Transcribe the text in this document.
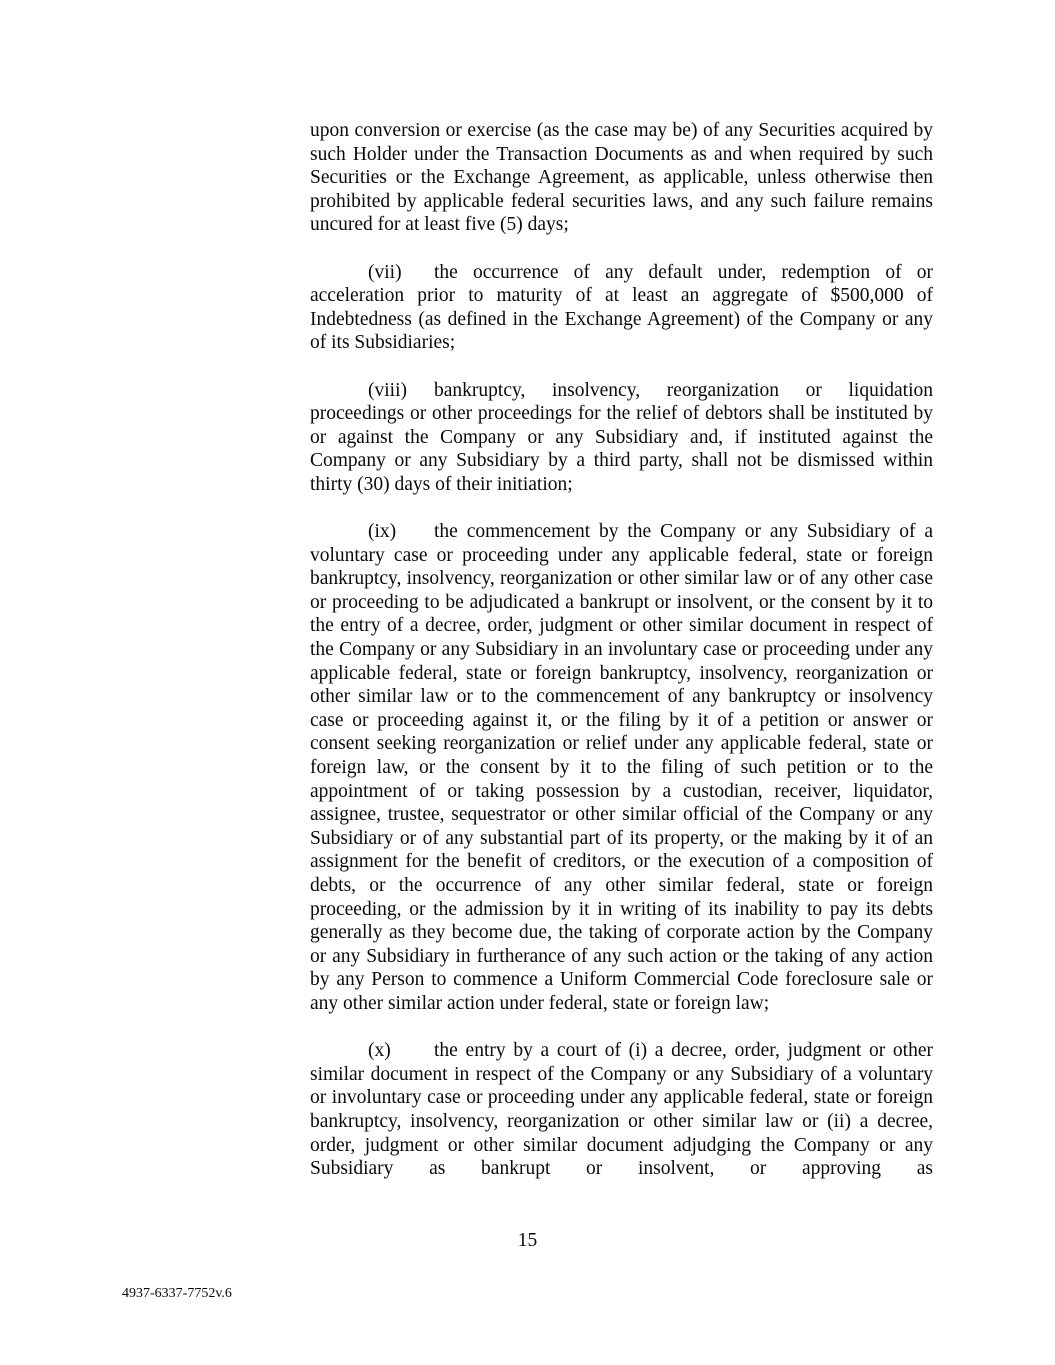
upon conversion or exercise (as the case may be) of any Securities acquired by such Holder under the Transaction Documents as and when required by such Securities or the Exchange Agreement, as applicable, unless otherwise then prohibited by applicable federal securities laws, and any such failure remains uncured for at least five (5) days;

(vii) the occurrence of any default under, redemption of or acceleration prior to maturity of at least an aggregate of $500,000 of Indebtedness (as defined in the Exchange Agreement) of the Company or any of its Subsidiaries;

(viii) bankruptcy, insolvency, reorganization or liquidation proceedings or other proceedings for the relief of debtors shall be instituted by or against the Company or any Subsidiary and, if instituted against the Company or any Subsidiary by a third party, shall not be dismissed within thirty (30) days of their initiation;

(ix) the commencement by the Company or any Subsidiary of a voluntary case or proceeding under any applicable federal, state or foreign bankruptcy, insolvency, reorganization or other similar law or of any other case or proceeding to be adjudicated a bankrupt or insolvent, or the consent by it to the entry of a decree, order, judgment or other similar document in respect of the Company or any Subsidiary in an involuntary case or proceeding under any applicable federal, state or foreign bankruptcy, insolvency, reorganization or other similar law or to the commencement of any bankruptcy or insolvency case or proceeding against it, or the filing by it of a petition or answer or consent seeking reorganization or relief under any applicable federal, state or foreign law, or the consent by it to the filing of such petition or to the appointment of or taking possession by a custodian, receiver, liquidator, assignee, trustee, sequestrator or other similar official of the Company or any Subsidiary or of any substantial part of its property, or the making by it of an assignment for the benefit of creditors, or the execution of a composition of debts, or the occurrence of any other similar federal, state or foreign proceeding, or the admission by it in writing of its inability to pay its debts generally as they become due, the taking of corporate action by the Company or any Subsidiary in furtherance of any such action or the taking of any action by any Person to commence a Uniform Commercial Code foreclosure sale or any other similar action under federal, state or foreign law;

(x) the entry by a court of (i) a decree, order, judgment or other similar document in respect of the Company or any Subsidiary of a voluntary or involuntary case or proceeding under any applicable federal, state or foreign bankruptcy, insolvency, reorganization or other similar law or (ii) a decree, order, judgment or other similar document adjudging the Company or any Subsidiary as bankrupt or insolvent, or approving as

15
4937-6337-7752v.6
